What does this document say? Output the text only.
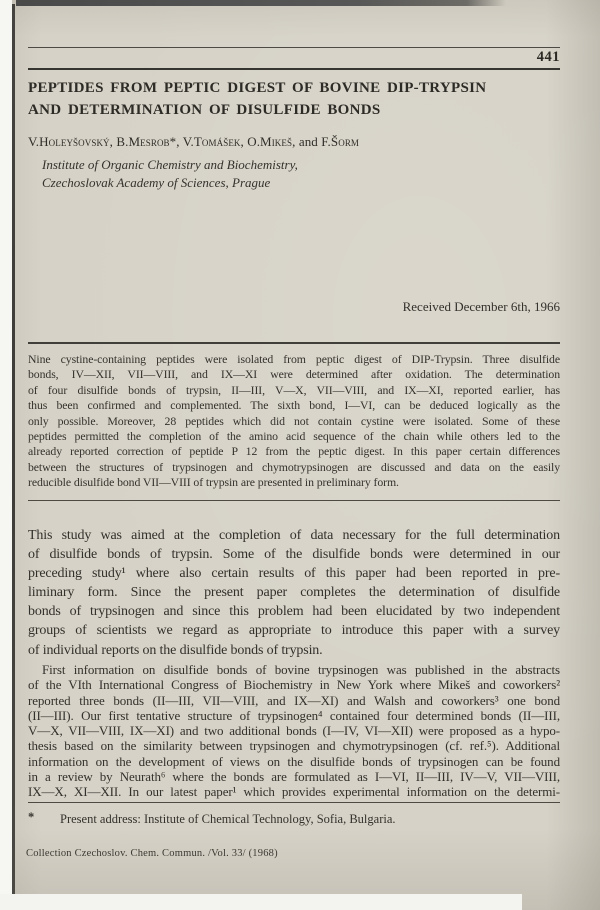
441
PEPTIDES FROM PEPTIC DIGEST OF BOVINE DIP-TRYPSIN
AND DETERMINATION OF DISULFIDE BONDS
V.Holeyšovský, B.Mesrob*, V.Tomášek, O.Mikeš, and F.Šorm
Institute of Organic Chemistry and Biochemistry,
Czechoslovak Academy of Sciences, Prague
Received December 6th, 1966
Nine cystine-containing peptides were isolated from peptic digest of DIP-Trypsin. Three disulfide
bonds, IV—XII, VII—VIII, and IX—XI were determined after oxidation. The determination
of four disulfide bonds of trypsin, II—III, V—X, VII—VIII, and IX—XI, reported earlier, has
thus been confirmed and complemented. The sixth bond, I—VI, can be deduced logically as the
only possible. Moreover, 28 peptides which did not contain cystine were isolated. Some of these
peptides permitted the completion of the amino acid sequence of the chain while others led to the
already reported correction of peptide P 12 from the peptic digest. In this paper certain differences
between the structures of trypsinogen and chymotrypsinogen are discussed and data on the easily
reducible disulfide bond VII—VIII of trypsin are presented in preliminary form.
This study was aimed at the completion of data necessary for the full determination
of disulfide bonds of trypsin. Some of the disulfide bonds were determined in our
preceding study¹ where also certain results of this paper had been reported in pre-
liminary form. Since the present paper completes the determination of disulfide
bonds of trypsinogen and since this problem had been elucidated by two independent
groups of scientists we regard as appropriate to introduce this paper with a survey
of individual reports on the disulfide bonds of trypsin.
First information on disulfide bonds of bovine trypsinogen was published in the abstracts
of the VIth International Congress of Biochemistry in New York where Mikeš and coworkers²
reported three bonds (II—III, VII—VIII, and IX—XI) and Walsh and coworkers³ one bond
(II—III). Our first tentative structure of trypsinogen⁴ contained four determined bonds (II—III,
V—X, VII—VIII, IX—XI) and two additional bonds (I—IV, VI—XII) were proposed as a hypo-
thesis based on the similarity between trypsinogen and chymotrypsinogen (cf. ref.⁵). Additional
information on the development of views on the disulfide bonds of trypsinogen can be found
in a review by Neurath⁶ where the bonds are formulated as I—VI, II—III, IV—V, VII—VIII,
IX—X, XI—XII. In our latest paper¹ which provides experimental information on the determi-
* Present address: Institute of Chemical Technology, Sofia, Bulgaria.
Collection Czechoslov. Chem. Commun. /Vol. 33/ (1968)
